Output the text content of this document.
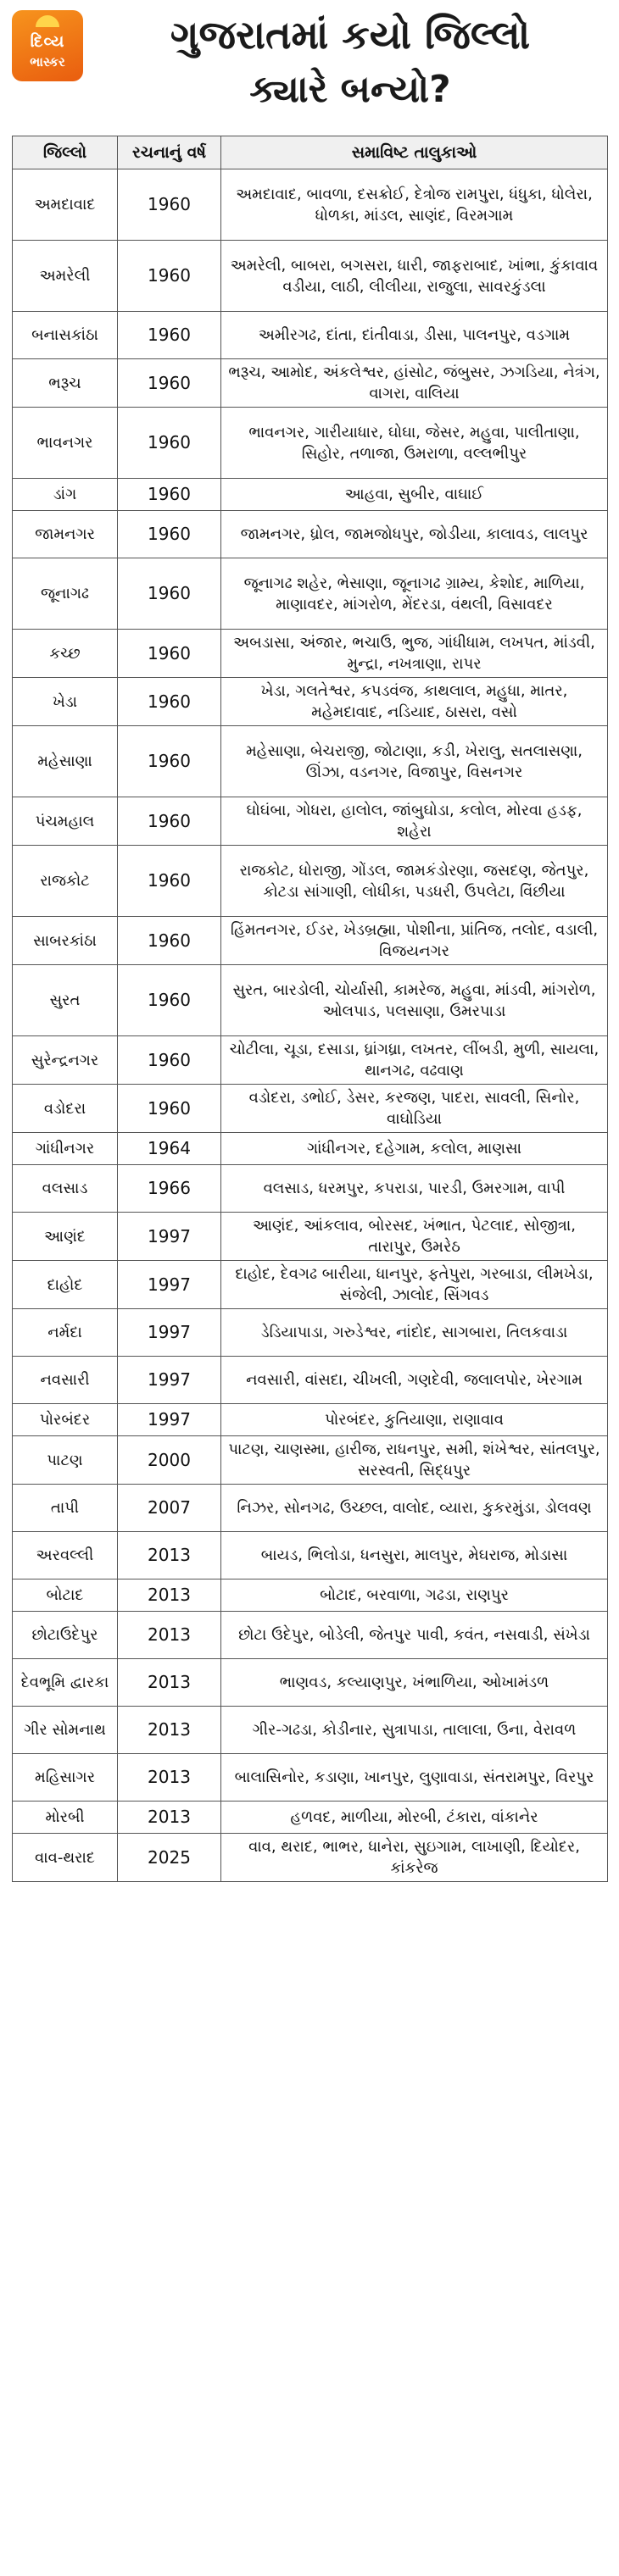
દિવ્ય
ભાસ્કર
ગુજરાતમાં કયો જિલ્લો
ક્યારે બન્યો?
જિલ્લો	રચનાનું વર્ષ	સમાવિષ્ટ તાલુકાઓ
અમદાવાદ	1960	અમદાવાદ, બાવળા, દસક્રોઈ, દેત્રોજ રામપુરા, ધંધુકા, ધોલેરા, ધોળકા, માંડલ, સાણંદ, વિરમગામ
અમરેલી	1960	અમરેલી, બાબરા, બગસરા, ધારી, જાફરાબાદ, ખાંભા, કુંકાવાવ વડીયા, લાઠી, લીલીયા, રાજુલા, સાવરકુંડલા
બનાસકાંઠા	1960	અમીરગઢ, દાંતા, દાંતીવાડા, ડીસા, પાલનપુર, વડગામ
ભરૂચ	1960	ભરૂચ, આમોદ, અંકલેશ્વર, હાંસોટ, જંબુસર, ઝગડિયા, નેત્રંગ, વાગરા, વાલિયા
ભાવનગર	1960	ભાવનગર, ગારીયાધાર, ઘોઘા, જેસર, મહુવા, પાલીતાણા, સિહોર, તળાજા, ઉમરાળા, વલ્લભીપુર
ડાંગ	1960	આહવા, સુબીર, વાઘાઈ
જામનગર	1960	જામનગર, ધ્રોલ, જામજોધપુર, જોડીયા, કાલાવડ, લાલપુર
જૂનાગઢ	1960	જૂનાગઢ શહેર, ભેસાણા, જૂનાગઢ ગ્રામ્ય, કેશોદ, માળિયા, માણાવદર, માંગરોળ, મેંદરડા, વંથલી, વિસાવદર
કચ્છ	1960	અબડાસા, અંજાર, ભચાઉ, ભુજ, ગાંધીધામ, લખપત, માંડવી, મુન્દ્રા, નખત્રાણા, રાપર
ખેડા	1960	ખેડા, ગલતેશ્વર, કપડવંજ, કાથલાલ, મહુધા, માતર, મહેમદાવાદ, નડિયાદ, ઠાસરા, વસો
મહેસાણા	1960	મહેસાણા, બેચરાજી, જોટાણા, કડી, ખેરાલુ, સતલાસણા, ઊંઝા, વડનગર, વિજાપુર, વિસનગર
પંચમહાલ	1960	ઘોઘંબા, ગોધરા, હાલોલ, જાંબુઘોડા, કલોલ, મોરવા હડફ, શહેરા
રાજકોટ	1960	રાજકોટ, ધોરાજી, ગોંડલ, જામકંડોરણા, જસદણ, જેતપુર, કોટડા સાંગાણી, લોધીકા, પડધરી, ઉપલેટા, વિંછીયા
સાબરકાંઠા	1960	હિંમતનગર, ઈડર, ખેડબ્રહ્મા, પોશીના, પ્રાંતિજ, તલોદ, વડાલી, વિજયનગર
સુરત	1960	સુરત, બારડોલી, ચોર્યાસી, કામરેજ, મહુવા, માંડવી, માંગરોળ, ઓલપાડ, પલસાણા, ઉમરપાડા
સુરેન્દ્રનગર	1960	ચોટીલા, ચૂડા, દસાડા, ધ્રાંગધ્રા, લખતર, લીંબડી, મુળી, સાયલા, થાનગઢ, વઢવાણ
વડોદરા	1960	વડોદરા, ડભોઈ, ડેસર, કરજણ, પાદરા, સાવલી, સિનોર, વાઘોડિયા
ગાંધીનગર	1964	ગાંધીનગર, દહેગામ, કલોલ, માણસા
વલસાડ	1966	વલસાડ, ધરમપુર, કપરાડા, પારડી, ઉમરગામ, વાપી
આણંદ	1997	આણંદ, આંકલાવ, બોરસદ, ખંભાત, પેટલાદ, સોજીત્રા, તારાપુર, ઉમરેઠ
દાહોદ	1997	દાહોદ, દેવગઢ બારીયા, ધાનપુર, ફતેપુરા, ગરબાડા, લીમખેડા, સંજેલી, ઝાલોદ, સિંગવડ
નર્મદા	1997	ડેડિયાપાડા, ગરુડેશ્વર, નાંદોદ, સાગબારા, તિલકવાડા
નવસારી	1997	નવસારી, વાંસદા, ચીખલી, ગણદેવી, જલાલપોર, ખેરગામ
પોરબંદર	1997	પોરબંદર, કુતિયાણા, રાણાવાવ
પાટણ	2000	પાટણ, ચાણસ્મા, હારીજ, રાધનપુર, સમી, શંખેશ્વર, સાંતલપુર, સરસ્વતી, સિદ્ધપુર
તાપી	2007	નિઝર, સોનગઢ, ઉચ્છલ, વાલોદ, વ્યારા, કુકરમુંડા, ડોલવણ
અરવલ્લી	2013	બાયડ, ભિલોડા, ધનસુરા, માલપુર, મેઘરાજ, મોડાસા
બોટાદ	2013	બોટાદ, બરવાળા, ગઢડા, રાણપુર
છોટાઉદેપુર	2013	છોટા ઉદેપુર, બોડેલી, જેતપુર પાવી, કવંત, નસવાડી, સંખેડા
દેવભૂમિ દ્વારકા	2013	ભાણવડ, કલ્યાણપુર, ખંભાળિયા, ઓખામંડળ
ગીર સોમનાથ	2013	ગીર-ગઢડા, કોડીનાર, સુત્રાપાડા, તાલાલા, ઉના, વેરાવળ
મહિસાગર	2013	બાલાસિનોર, કડાણા, ખાનપુર, લુણાવાડા, સંતરામપુર, વિરપુર
મોરબી	2013	હળવદ, માળીયા, મોરબી, ટંકારા, વાંકાનેર
વાવ-થરાદ	2025	વાવ, થરાદ, ભાભર, ધાનેરા, સુઇગામ, લાખાણી, દિયોદર, કાંકરેજ
